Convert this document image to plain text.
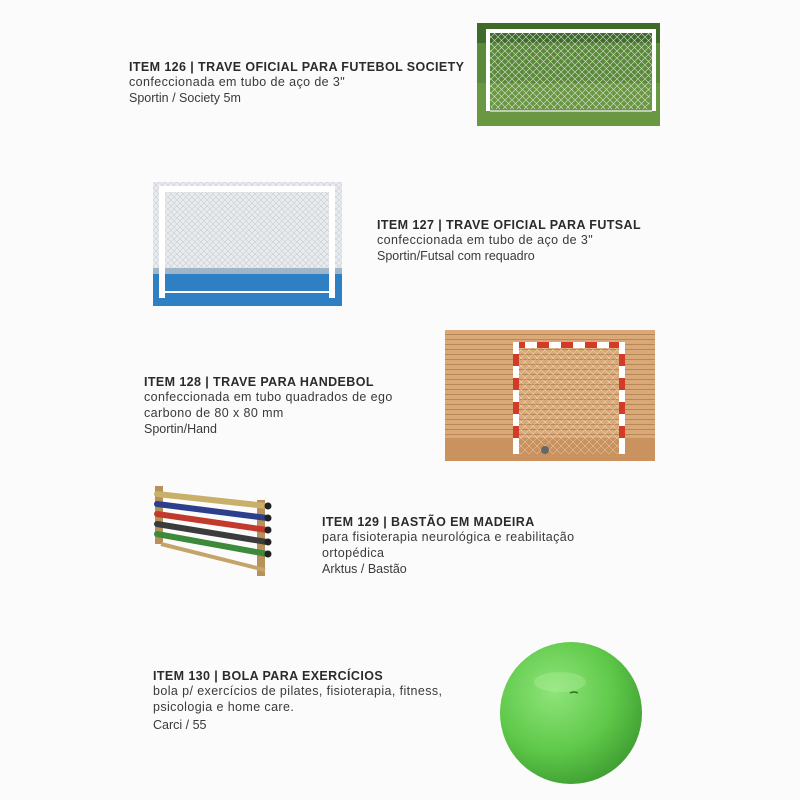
ITEM 126 | TRAVE OFICIAL PARA FUTEBOL SOCIETY
confeccionada em tubo de aço de 3"
Sportin / Society 5m
ITEM 127 | TRAVE OFICIAL PARA FUTSAL
confeccionada em tubo de aço de 3"
Sportin/Futsal com requadro
ITEM 128 | TRAVE PARA HANDEBOL
confeccionada em tubo quadrados de ego
carbono de 80 x 80 mm
Sportin/Hand
ITEM 129 | BASTÃO EM MADEIRA
para fisioterapia neurológica e reabilitação
ortopédica
Arktus / Bastão
ITEM 130 | BOLA PARA EXERCÍCIOS
bola p/ exercícios de pilates, fisioterapia, fitness,
psicologia e home care.
Carci / 55
